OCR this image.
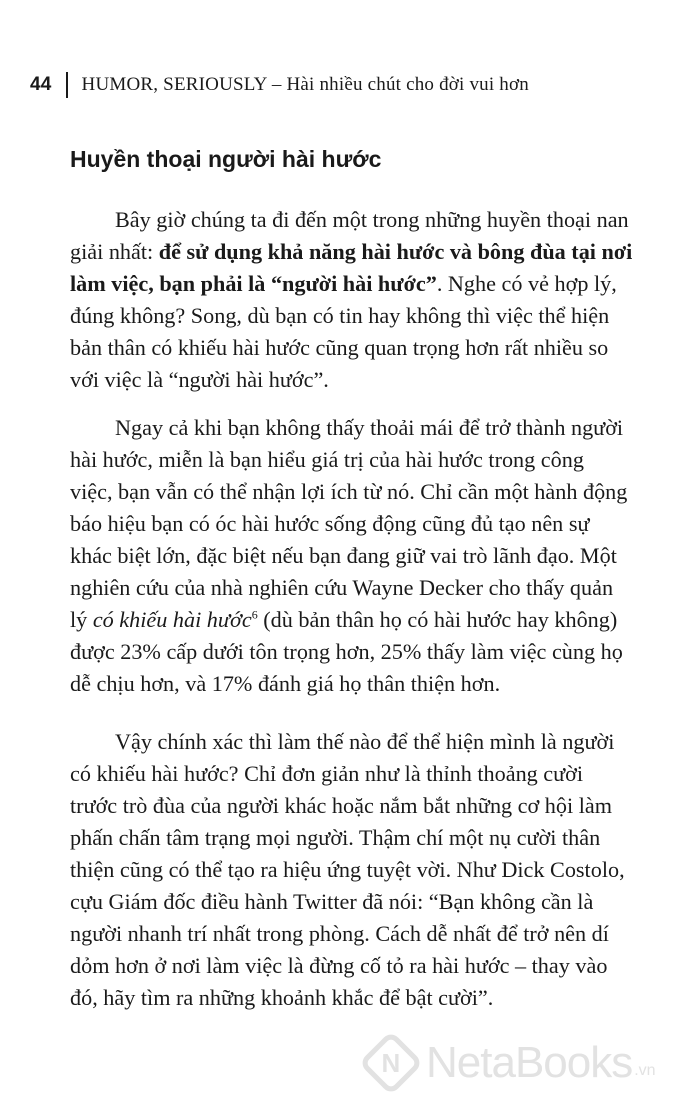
44 HUMOR, SERIOUSLY – Hài nhiều chút cho đời vui hơn
Huyền thoại người hài hước
Bây giờ chúng ta đi đến một trong những huyền thoại nan
giải nhất: để sử dụng khả năng hài hước và bông đùa tại nơi
làm việc, bạn phải là “người hài hước”. Nghe có vẻ hợp lý,
đúng không? Song, dù bạn có tin hay không thì việc thể hiện
bản thân có khiếu hài hước cũng quan trọng hơn rất nhiều so
với việc là “người hài hước”.
Ngay cả khi bạn không thấy thoải mái để trở thành người
hài hước, miễn là bạn hiểu giá trị của hài hước trong công
việc, bạn vẫn có thể nhận lợi ích từ nó. Chỉ cần một hành động
báo hiệu bạn có óc hài hước sống động cũng đủ tạo nên sự
khác biệt lớn, đặc biệt nếu bạn đang giữ vai trò lãnh đạo. Một
nghiên cứu của nhà nghiên cứu Wayne Decker cho thấy quản
lý có khiếu hài hước$^6$ (dù bản thân họ có hài hước hay không)
được 23% cấp dưới tôn trọng hơn, 25% thấy làm việc cùng họ
dễ chịu hơn, và 17% đánh giá họ thân thiện hơn.
Vậy chính xác thì làm thế nào để thể hiện mình là người
có khiếu hài hước? Chỉ đơn giản như là thỉnh thoảng cười
trước trò đùa của người khác hoặc nắm bắt những cơ hội làm
phấn chấn tâm trạng mọi người. Thậm chí một nụ cười thân
thiện cũng có thể tạo ra hiệu ứng tuyệt vời. Như Dick Costolo,
cựu Giám đốc điều hành Twitter đã nói: “Bạn không cần là
người nhanh trí nhất trong phòng. Cách dễ nhất để trở nên dí
dỏm hơn ở nơi làm việc là đừng cố tỏ ra hài hước – thay vào
đó, hãy tìm ra những khoảnh khắc để bật cười”.
N NetaBooks .vn
